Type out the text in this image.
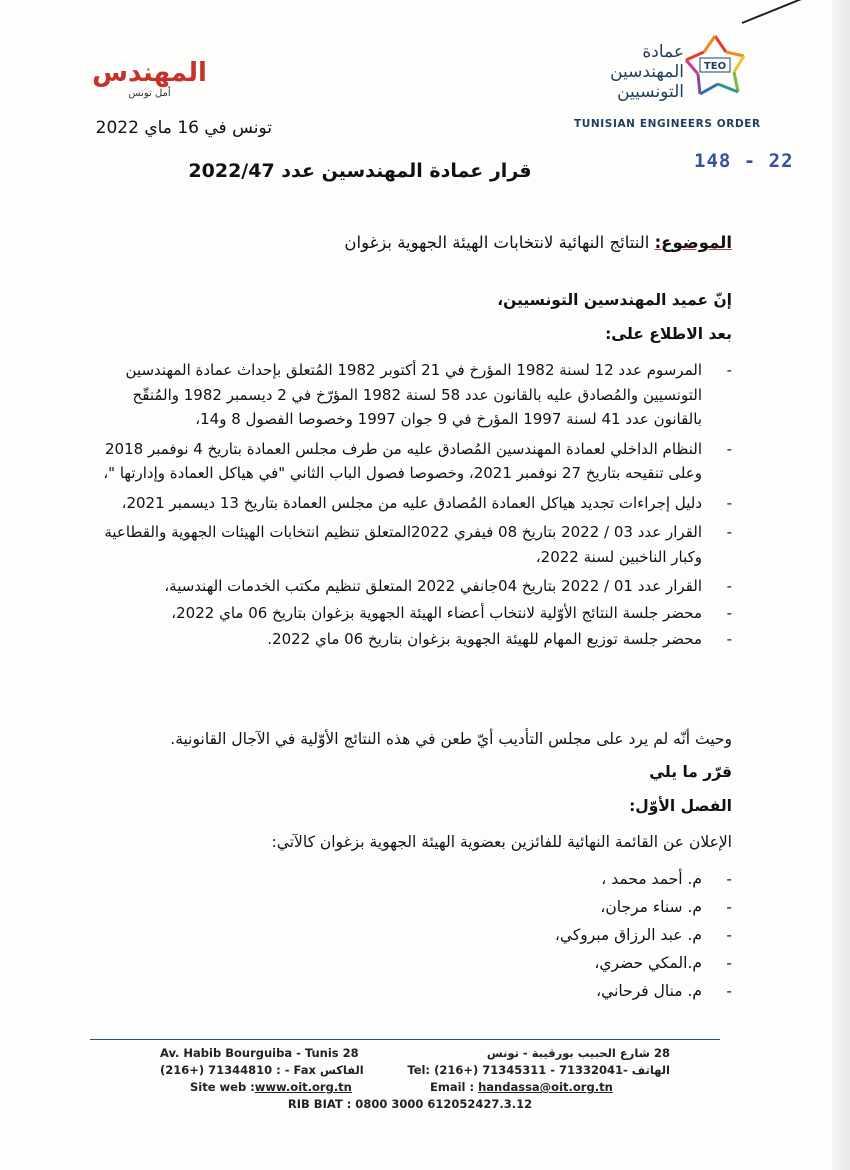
المهندس
أمل تونس
تونس في 16 ماي 2022
عمادة
المهندسين
التونسيين
TEO
TUNISIAN ENGINEERS ORDER
148 - 22
قرار عمادة المهندسين عدد 2022/47
الموضوع: النتائج النهائية لانتخابات الهيئة الجهوية بزغوان
إنّ عميد المهندسين التونسيين،
بعد الاطلاع على:
-
المرسوم عدد 12 لسنة 1982 المؤرخ في 21 أكتوبر 1982 المُتعلق بإحداث عمادة المهندسين التونسيين والمُصادق عليه بالقانون عدد 58 لسنة 1982 المؤرّخ في 2 ديسمبر 1982 والمُنقّح بالقانون عدد 41 لسنة 1997 المؤرخ في 9 جوان 1997 وخصوصا الفصول 8 و14،
-
النظام الداخلي لعمادة المهندسين المُصادق عليه من طرف مجلس العمادة بتاريخ 4 نوفمبر 2018 وعلى تنقيحه بتاريخ 27 نوفمبر 2021، وخصوصا فصول الباب الثاني "في هياكل العمادة وإدارتها "،
-
دليل إجراءات تجديد هياكل العمادة المُصادق عليه من مجلس العمادة بتاريخ 13 ديسمبر 2021،
-
القرار عدد 03 / 2022 بتاريخ 08 فيفري 2022المتعلق تنظيم انتخابات الهيئات الجهوية والقطاعية وكبار الناخبين لسنة 2022،
-
القرار عدد 01 / 2022 بتاريخ 04جانفي 2022 المتعلق تنظيم مكتب الخدمات الهندسية،
-
محضر جلسة النتائج الأوّلية لانتخاب أعضاء الهيئة الجهوية بزغوان بتاريخ 06 ماي 2022،
-
محضر جلسة توزيع المهام للهيئة الجهوية بزغوان بتاريخ 06 ماي 2022.
وحيث أنّه لم يرد على مجلس التأديب أيّ طعن في هذه النتائج الأوّلية في الآجال القانونية.
قرّر ما يلي
الفصل الأوّل:
الإعلان عن القائمة النهائية للفائزين بعضوية الهيئة الجهوية بزغوان كالآتي:
-
م. أحمد محمد ،
-
م. سناء مرجان،
-
م. عبد الرزاق مبروكي،
-
م.المكي حضري،
-
م. منال فرحاني،
Av. Habib Bourguiba - Tunis 28	28 شارع الحبيب بورقيبة - تونس
(216+) 71344810 : - Fax الفاكس	الهاتف -Tel: (216+) 71345311 - 71332041
Site web :www.oit.org.tn	Email : handassa@oit.org.tn
RIB BIAT : 0800 3000 612052427.3.12
